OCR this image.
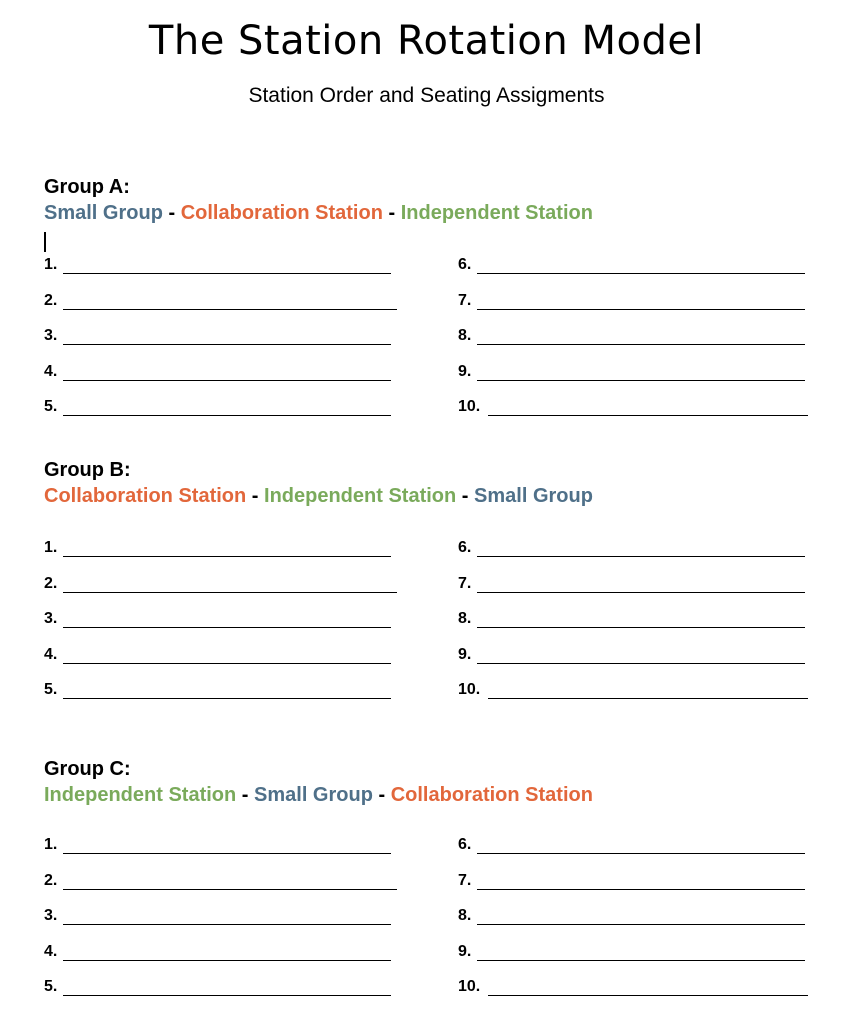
The Station Rotation Model
Station Order and Seating Assigments
Group A:
Small Group - Collaboration Station - Independent Station
1.
2.
3.
4.
5.
6.
7.
8.
9.
10.
Group B:
Collaboration Station - Independent Station - Small Group
1.
2.
3.
4.
5.
6.
7.
8.
9.
10.
Group C:
Independent Station - Small Group - Collaboration Station
1.
2.
3.
4.
5.
6.
7.
8.
9.
10.
